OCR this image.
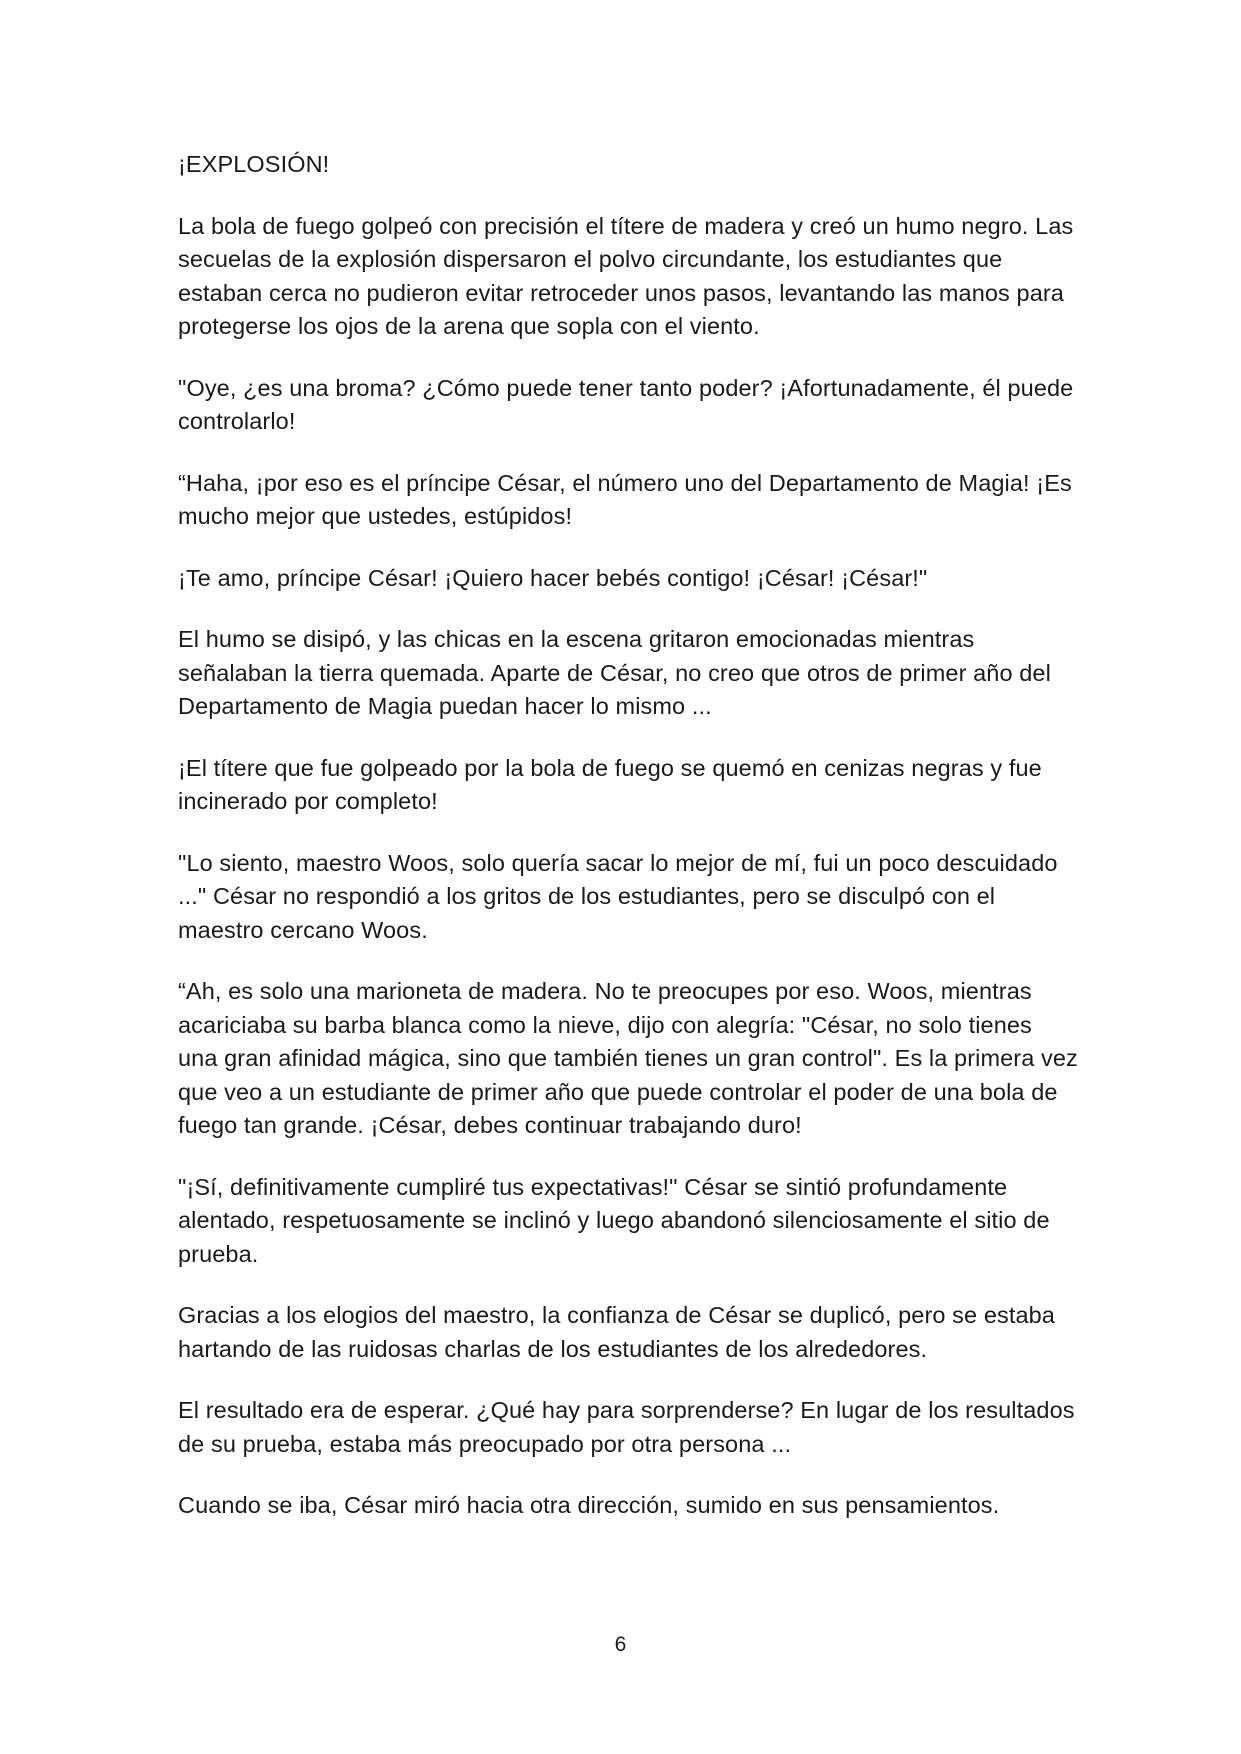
¡EXPLOSIÓN!

La bola de fuego golpeó con precisión el títere de madera y creó un humo negro. Las secuelas de la explosión dispersaron el polvo circundante, los estudiantes que estaban cerca no pudieron evitar retroceder unos pasos, levantando las manos para protegerse los ojos de la arena que sopla con el viento.

"Oye, ¿es una broma? ¿Cómo puede tener tanto poder? ¡Afortunadamente, él puede controlarlo!

“Haha, ¡por eso es el príncipe César, el número uno del Departamento de Magia! ¡Es mucho mejor que ustedes, estúpidos!

¡Te amo, príncipe César! ¡Quiero hacer bebés contigo! ¡César! ¡César!"

El humo se disipó, y las chicas en la escena gritaron emocionadas mientras señalaban la tierra quemada. Aparte de César, no creo que otros de primer año del Departamento de Magia puedan hacer lo mismo ...

¡El títere que fue golpeado por la bola de fuego se quemó en cenizas negras y fue incinerado por completo!

"Lo siento, maestro Woos, solo quería sacar lo mejor de mí, fui un poco descuidado ..." César no respondió a los gritos de los estudiantes, pero se disculpó con el maestro cercano Woos.

“Ah, es solo una marioneta de madera. No te preocupes por eso. Woos, mientras acariciaba su barba blanca como la nieve, dijo con alegría: "César, no solo tienes una gran afinidad mágica, sino que también tienes un gran control". Es la primera vez que veo a un estudiante de primer año que puede controlar el poder de una bola de fuego tan grande. ¡César, debes continuar trabajando duro!

"¡Sí, definitivamente cumpliré tus expectativas!" César se sintió profundamente alentado, respetuosamente se inclinó y luego abandonó silenciosamente el sitio de prueba.

Gracias a los elogios del maestro, la confianza de César se duplicó, pero se estaba hartando de las ruidosas charlas de los estudiantes de los alrededores.

El resultado era de esperar. ¿Qué hay para sorprenderse? En lugar de los resultados de su prueba, estaba más preocupado por otra persona ...

Cuando se iba, César miró hacia otra dirección, sumido en sus pensamientos.

6
